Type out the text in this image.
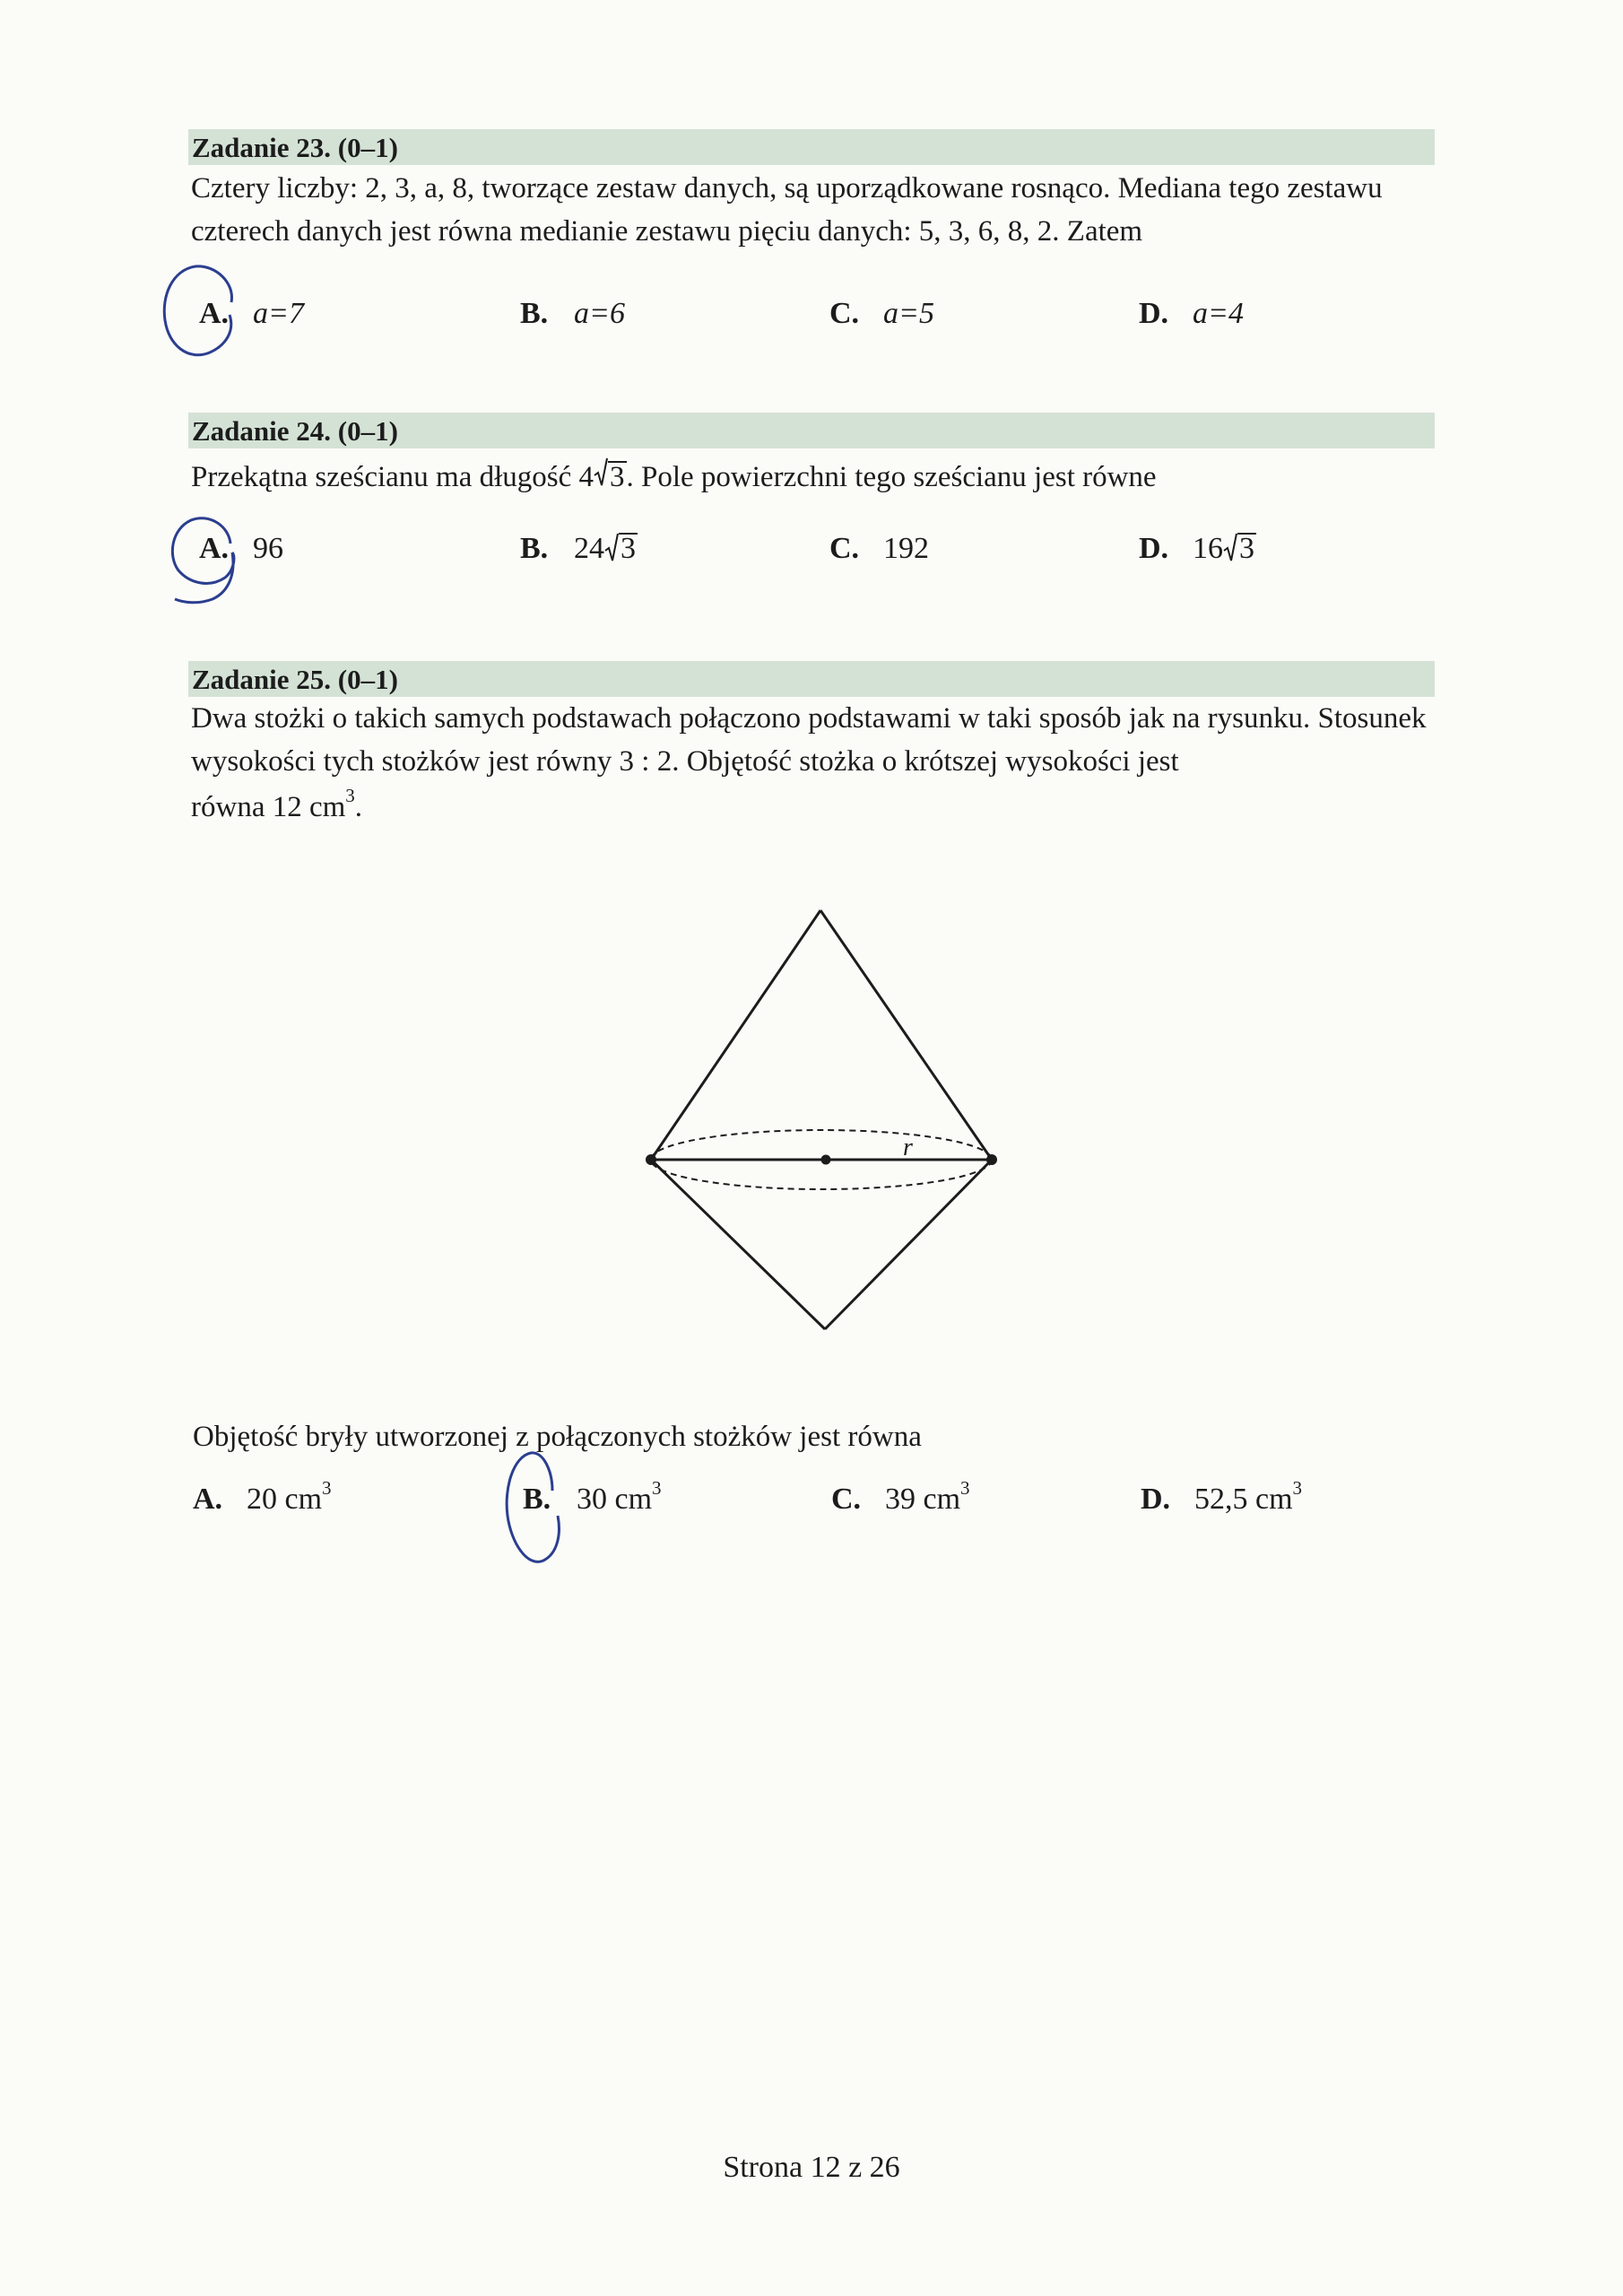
Zadanie 23. (0–1)
Cztery liczby: 2, 3, a, 8, tworzące zestaw danych, są uporządkowane rosnąco. Mediana tego zestawu czterech danych jest równa medianie zestawu pięciu danych: 5, 3, 6, 8, 2. Zatem
A. a=7	B. a=6	C. a=5	D. a=4
Zadanie 24. (0–1)
Przekątna sześcianu ma długość 4 3. Pole powierzchni tego sześcianu jest równe
A. 96	B. 24 3	C. 192	D. 16 3
Zadanie 25. (0–1)
Dwa stożki o takich samych podstawach połączono podstawami w taki sposób jak na rysunku. Stosunek wysokości tych stożków jest równy 3 : 2. Objętość stożka o krótszej wysokości jest
równa 12 $cm^3$.
r
Objętość bryły utworzonej z połączonych stożków jest równa
A. 20 $cm^3$	B. 30 $cm^3$	C. 39 $cm^3$	D. 52,5 $cm^3$
Strona 12 z 26
